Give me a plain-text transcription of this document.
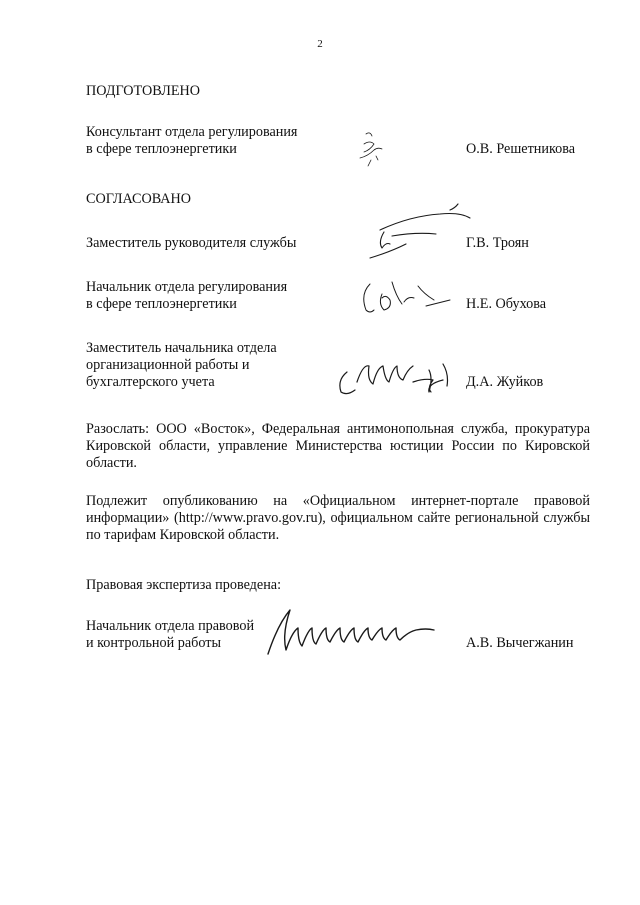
2
ПОДГОТОВЛЕНО
Консультант отдела регулирования
в сфере теплоэнергетики	О.В. Решетникова
СОГЛАСОВАНО
Заместитель руководителя службы	Г.В. Троян
Начальник отдела регулирования
в сфере теплоэнергетики	Н.Е. Обухова
Заместитель начальника отдела
организационной работы и
бухгалтерского учета	Д.А. Жуйков
Разослать: ООО «Восток», Федеральная антимонопольная служба, прокуратура Кировской области, управление Министерства юстиции России по Кировской области.
Подлежит опубликованию на «Официальном интернет-портале правовой информации» (http://www.pravo.gov.ru), официальном сайте региональной службы по тарифам Кировской области.
Правовая экспертиза проведена:
Начальник отдела правовой
и контрольной работы	А.В. Вычегжанин
